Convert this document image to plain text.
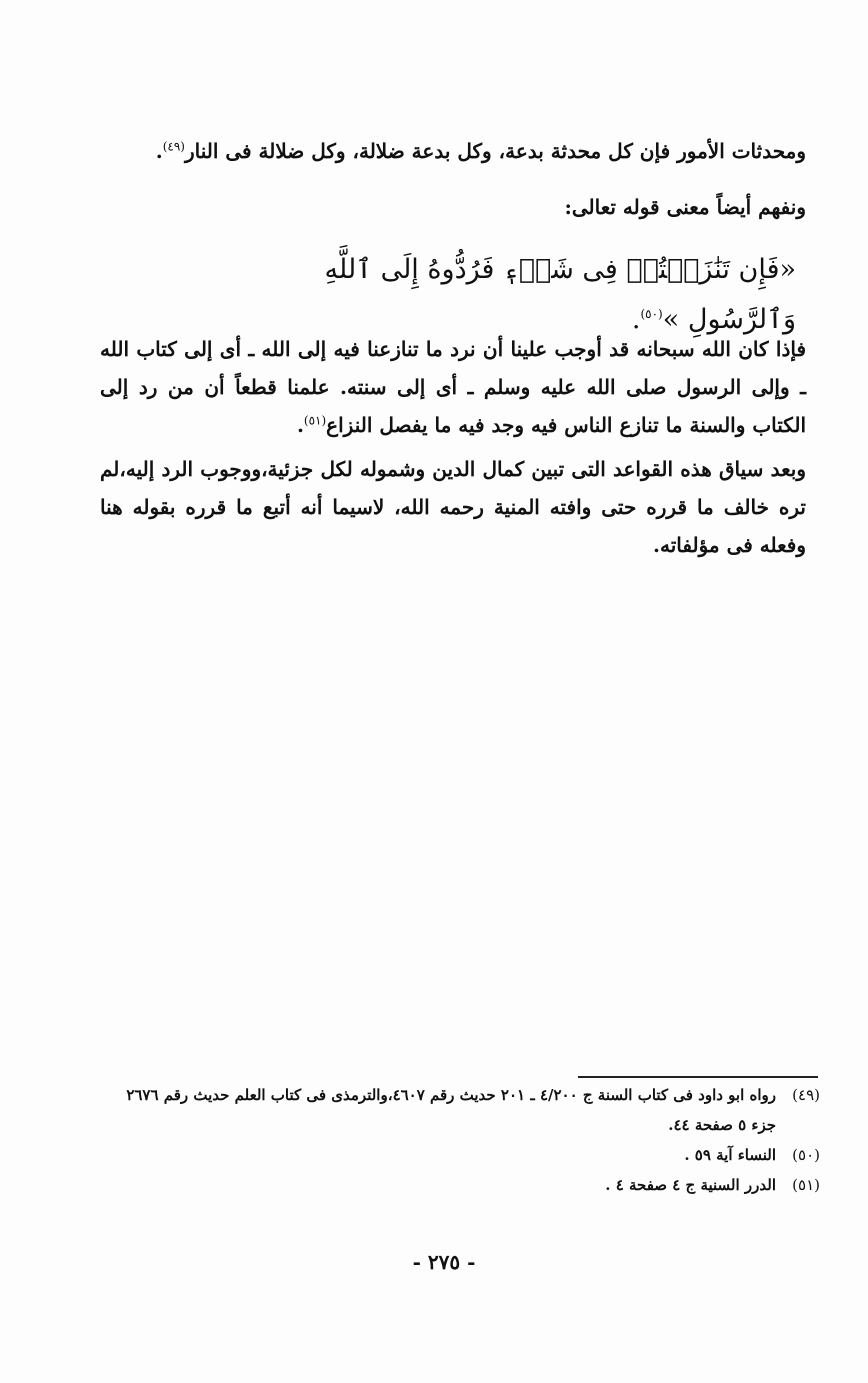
ومحدثات الأمور فإن كل محدثة بدعة، وكل بدعة ضلالة، وكل ضلالة فى النار$^{(٤٩)}$.
ونفهم أيضاً معنى قوله تعالى:
«فَإِن تَنَٰزَعۡتُمۡ فِى شَىۡءٖ فَرُدُّوهُ إِلَى ٱللَّهِ وَٱلرَّسُولِ »$^{(٥٠)}$.
فإذا كان الله سبحانه قد أوجب علينا أن نرد ما تنازعنا فيه إلى الله ـ أى إلى كتاب الله ـ وإلى الرسول صلى الله عليه وسلم ـ أى إلى سنته. علمنا قطعاً أن من رد إلى الكتاب والسنة ما تنازع الناس فيه وجد فيه ما يفصل النزاع$^{(٥١)}$.
وبعد سياق هذه القواعد التى تبين كمال الدين وشموله لكل جزئية،ووجوب الرد إليه،لم تره خالف ما قرره حتى وافته المنية رحمه الله، لاسيما أنه أتبع ما قرره بقوله هنا وفعله فى مؤلفاته.
(٤٩)
رواه ابو داود فى كتاب السنة ج ٤/٢٠٠ ـ ٢٠١ حديث رقم ٤٦٠٧،والترمذى فى كتاب العلم حديث رقم ٢٦٧٦ جزء ٥ صفحة ٤٤.
(٥٠)
النساء آية ٥٩ .
(٥١)
الدرر السنية ج ٤ صفحة ٤ .
- ٢٧٥ -
